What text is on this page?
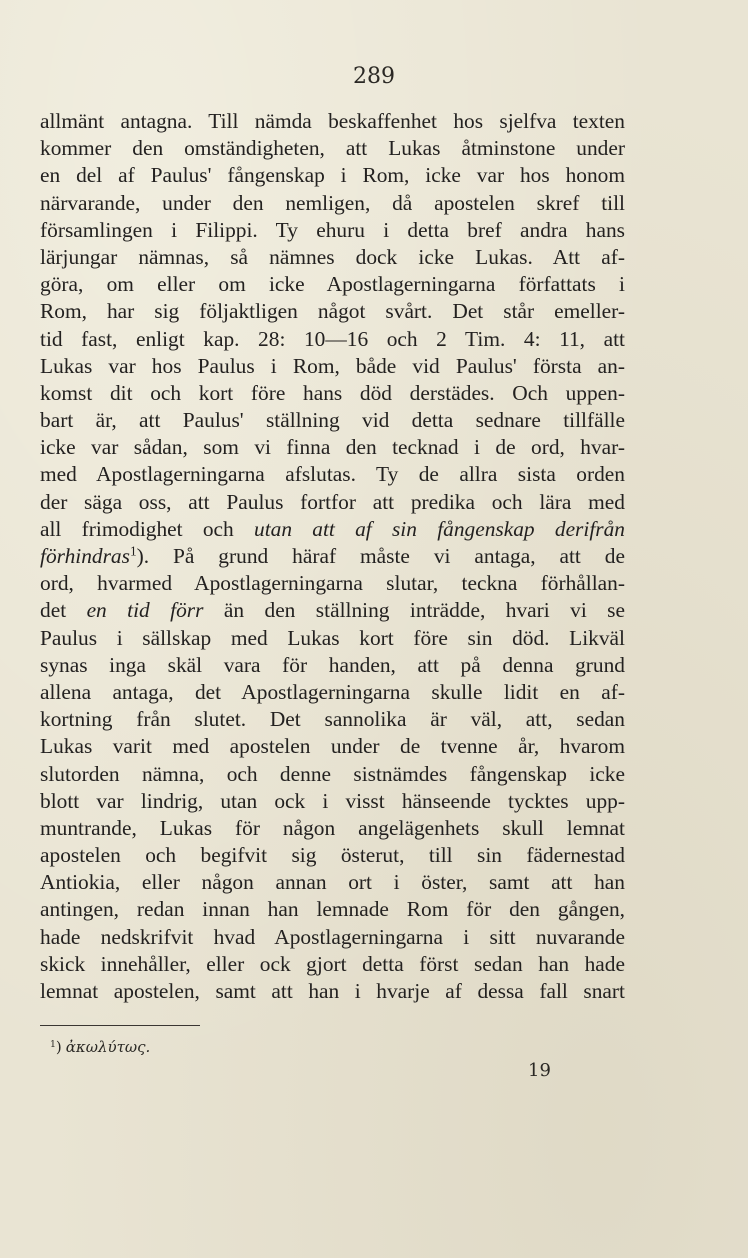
289
allmänt antagna. Till nämda beskaffenhet hos sjelfva texten
kommer den omständigheten, att Lukas åtminstone under
en del af Paulus' fångenskap i Rom, icke var hos honom
närvarande, under den nemligen, då apostelen skref till
församlingen i Filippi. Ty ehuru i detta bref andra hans
lärjungar nämnas, så nämnes dock icke Lukas. Att af-
göra, om eller om icke Apostlagerningarna författats i
Rom, har sig följaktligen något svårt. Det står emeller-
tid fast, enligt kap. 28: 10—16 och 2 Tim. 4: 11, att
Lukas var hos Paulus i Rom, både vid Paulus' första an-
komst dit och kort före hans död derstädes. Och uppen-
bart är, att Paulus' ställning vid detta sednare tillfälle
icke var sådan, som vi finna den tecknad i de ord, hvar-
med Apostlagerningarna afslutas. Ty de allra sista orden
der säga oss, att Paulus fortfor att predika och lära med
all frimodighet och utan att af sin fångenskap derifrån
förhindras$^1$). På grund häraf måste vi antaga, att de
ord, hvarmed Apostlagerningarna slutar, teckna förhållan-
det en tid förr än den ställning inträdde, hvari vi se
Paulus i sällskap med Lukas kort före sin död. Likväl
synas inga skäl vara för handen, att på denna grund
allena antaga, det Apostlagerningarna skulle lidit en af-
kortning från slutet. Det sannolika är väl, att, sedan
Lukas varit med apostelen under de tvenne år, hvarom
slutorden nämna, och denne sistnämdes fångenskap icke
blott var lindrig, utan ock i visst hänseende tycktes upp-
muntrande, Lukas för någon angelägenhets skull lemnat
apostelen och begifvit sig österut, till sin fädernestad
Antiokia, eller någon annan ort i öster, samt att han
antingen, redan innan han lemnade Rom för den gången,
hade nedskrifvit hvad Apostlagerningarna i sitt nuvarande
skick innehåller, eller ock gjort detta först sedan han hade
lemnat apostelen, samt att han i hvarje af dessa fall snart
$^1$) ἀκωλύτως.
19
